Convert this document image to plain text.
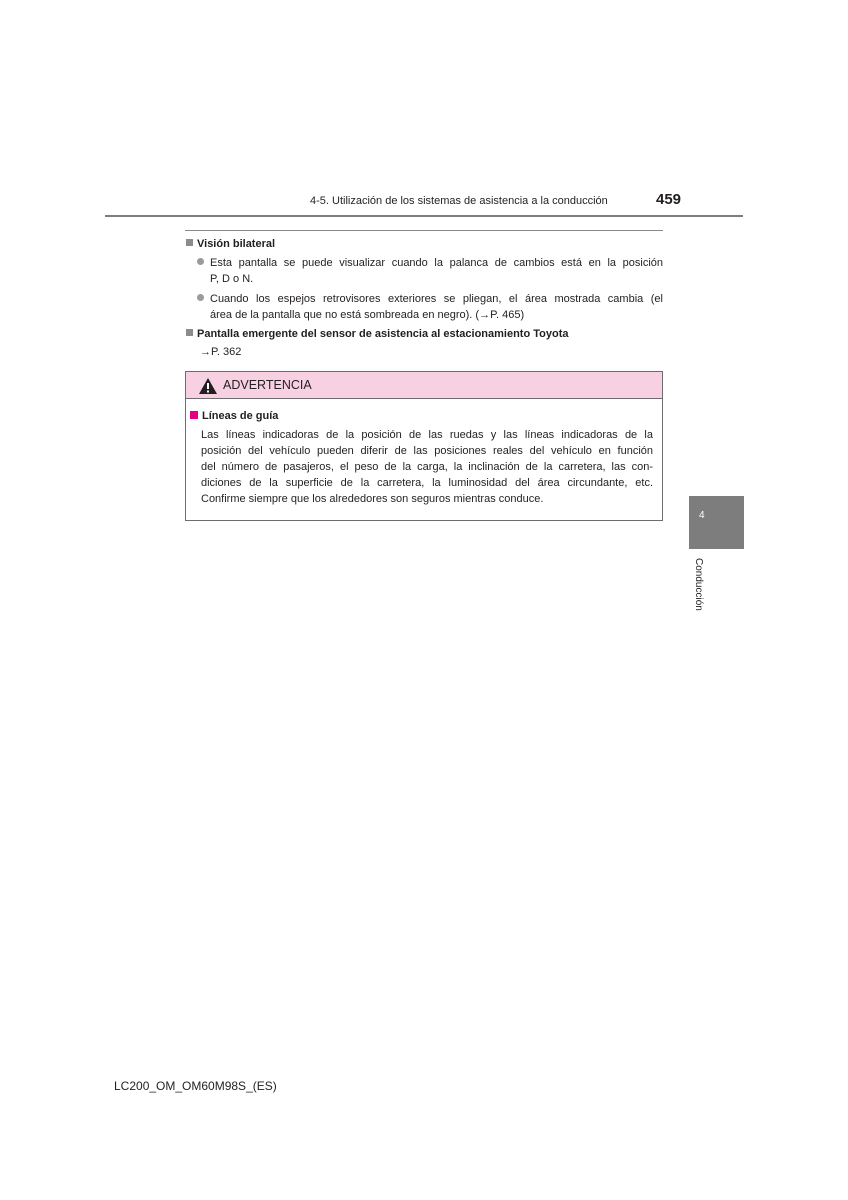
4-5. Utilización de los sistemas de asistencia a la conducción	459
Visión bilateral
Esta pantalla se puede visualizar cuando la palanca de cambios está en la posición
P, D o N.
Cuando los espejos retrovisores exteriores se pliegan, el área mostrada cambia (el
área de la pantalla que no está sombreada en negro). (→P. 465)
Pantalla emergente del sensor de asistencia al estacionamiento Toyota
→P. 362
ADVERTENCIA
Líneas de guía
Las líneas indicadoras de la posición de las ruedas y las líneas indicadoras de la
posición del vehículo pueden diferir de las posiciones reales del vehículo en función
del número de pasajeros, el peso de la carga, la inclinación de la carretera, las con-
diciones de la superficie de la carretera, la luminosidad del área circundante, etc.
Confirme siempre que los alrededores son seguros mientras conduce.
4
Conducción
LC200_OM_OM60M98S_(ES)
